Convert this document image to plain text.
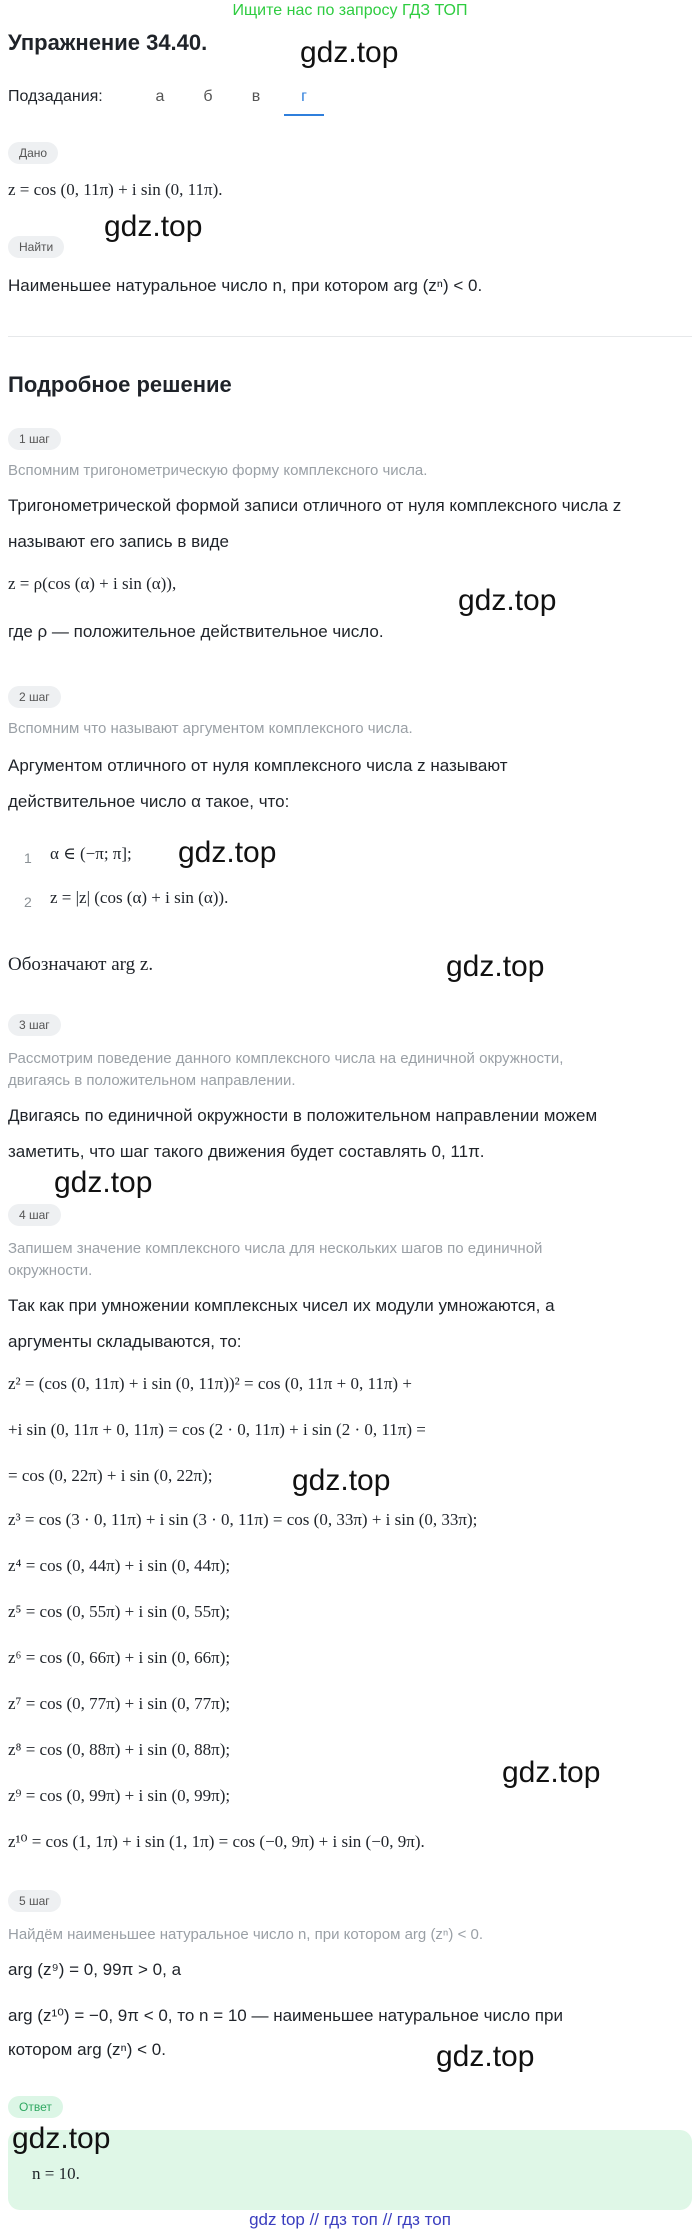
Ищите нас по запросу ГДЗ ТОП
Упражнение 34.40.	gdz.top
Подзадания:	а	б	в	г
Дано
z = cos (0, 11π) + i sin (0, 11π).
Найти
gdz.top
Наименьшее натуральное число n, при котором arg (zⁿ) < 0.
Подробное решение
1 шаг
Вспомним тригонометрическую форму комплексного числа.
Тригонометрической формой записи отличного от нуля комплексного числа z
называют его запись в виде
z = ρ(cos (α) + i sin (α)),
gdz.top
где ρ — положительное действительное число.
2 шаг
Вспомним что называют аргументом комплексного числа.
Аргументом отличного от нуля комплексного числа z называют
действительное число α такое, что:
1 α ∈ (−π; π]; gdz.top
2 z = |z| (cos (α) + i sin (α)).
Обозначают arg z.	gdz.top
3 шаг
Рассмотрим поведение данного комплексного числа на единичной окружности,
двигаясь в положительном направлении.
Двигаясь по единичной окружности в положительном направлении можем
заметить, что шаг такого движения будет составлять 0, 11π.
gdz.top
4 шаг
Запишем значение комплексного числа для нескольких шагов по единичной
окружности.
Так как при умножении комплексных чисел их модули умножаются, а
аргументы складываются, то:
z² = (cos (0, 11π) + i sin (0, 11π))² = cos (0, 11π + 0, 11π) +
+i sin (0, 11π + 0, 11π) = cos (2 · 0, 11π) + i sin (2 · 0, 11π) =
= cos (0, 22π) + i sin (0, 22π);	gdz.top
z³ = cos (3 · 0, 11π) + i sin (3 · 0, 11π) = cos (0, 33π) + i sin (0, 33π);
z⁴ = cos (0, 44π) + i sin (0, 44π);
z⁵ = cos (0, 55π) + i sin (0, 55π);
z⁶ = cos (0, 66π) + i sin (0, 66π);
z⁷ = cos (0, 77π) + i sin (0, 77π);
z⁸ = cos (0, 88π) + i sin (0, 88π);
z⁹ = cos (0, 99π) + i sin (0, 99π);
gdz.top
z¹⁰ = cos (1, 1π) + i sin (1, 1π) = cos (−0, 9π) + i sin (−0, 9π).
5 шаг
Найдём наименьшее натуральное число n, при котором arg (zⁿ) < 0.
arg (z⁹) = 0, 99π > 0, а
arg (z¹⁰) = −0, 9π < 0, то n = 10 — наименьшее натуральное число при
котором arg (zⁿ) < 0.	gdz.top
Ответ
n = 10.
gdz.top
gdz top // гдз топ // гдз топ
